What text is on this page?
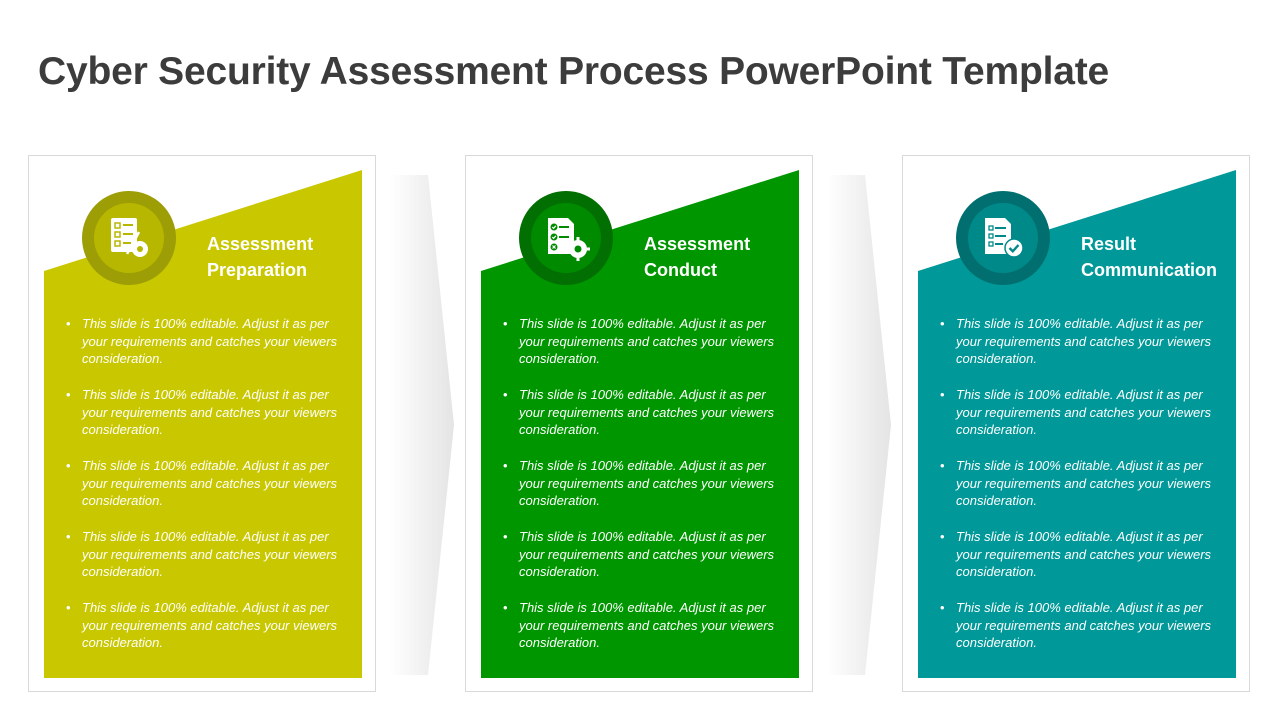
Cyber Security Assessment Process PowerPoint Template
Assessment
Preparation
• This slide is 100% editable. Adjust it as per your requirements and catches your viewers consideration.
• This slide is 100% editable. Adjust it as per your requirements and catches your viewers consideration.
• This slide is 100% editable. Adjust it as per your requirements and catches your viewers consideration.
• This slide is 100% editable. Adjust it as per your requirements and catches your viewers consideration.
• This slide is 100% editable. Adjust it as per your requirements and catches your viewers consideration.
Assessment
Conduct
• This slide is 100% editable. Adjust it as per your requirements and catches your viewers consideration.
• This slide is 100% editable. Adjust it as per your requirements and catches your viewers consideration.
• This slide is 100% editable. Adjust it as per your requirements and catches your viewers consideration.
• This slide is 100% editable. Adjust it as per your requirements and catches your viewers consideration.
• This slide is 100% editable. Adjust it as per your requirements and catches your viewers consideration.
Result
Communication
• This slide is 100% editable. Adjust it as per your requirements and catches your viewers consideration.
• This slide is 100% editable. Adjust it as per your requirements and catches your viewers consideration.
• This slide is 100% editable. Adjust it as per your requirements and catches your viewers consideration.
• This slide is 100% editable. Adjust it as per your requirements and catches your viewers consideration.
• This slide is 100% editable. Adjust it as per your requirements and catches your viewers consideration.
